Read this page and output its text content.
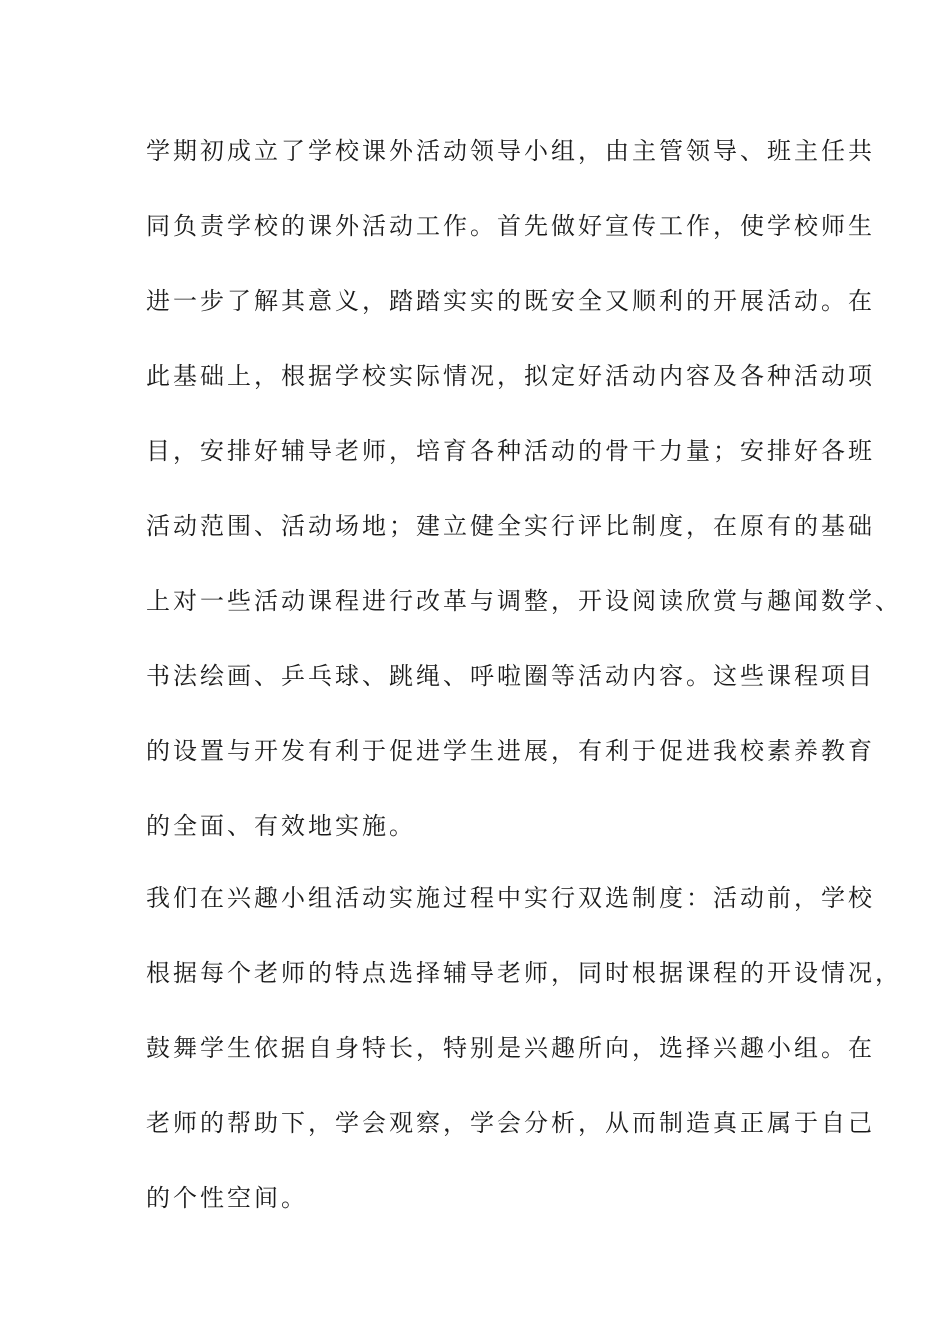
学期初成立了学校课外活动领导小组，由主管领导、班主任共
同负责学校的课外活动工作。首先做好宣传工作，使学校师生
进一步了解其意义，踏踏实实的既安全又顺利的开展活动。在
此基础上，根据学校实际情况，拟定好活动内容及各种活动项
目，安排好辅导老师，培育各种活动的骨干力量；安排好各班
活动范围、活动场地；建立健全实行评比制度，在原有的基础
上对一些活动课程进行改革与调整，开设阅读欣赏与趣闻数学、
书法绘画、乒乓球、跳绳、呼啦圈等活动内容。这些课程项目
的设置与开发有利于促进学生进展，有利于促进我校素养教育
的全面、有效地实施。
我们在兴趣小组活动实施过程中实行双选制度：活动前，学校
根据每个老师的特点选择辅导老师，同时根据课程的开设情况，
鼓舞学生依据自身特长，特别是兴趣所向，选择兴趣小组。在
老师的帮助下，学会观察，学会分析，从而制造真正属于自己
的个性空间。
